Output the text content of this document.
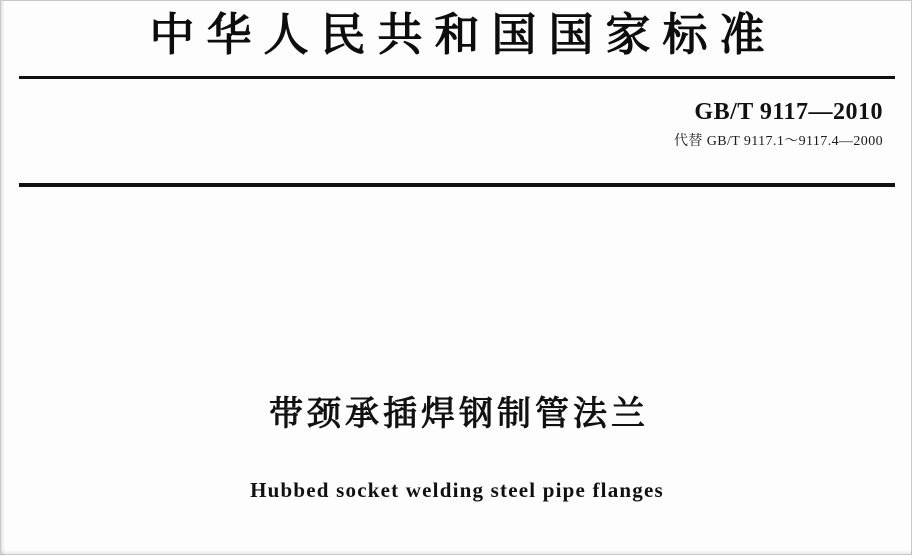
中华人民共和国国家标准
GB/T 9117—2010
代替 GB/T 9117.1～9117.4—2000
带颈承插焊钢制管法兰
Hubbed socket welding steel pipe flanges
